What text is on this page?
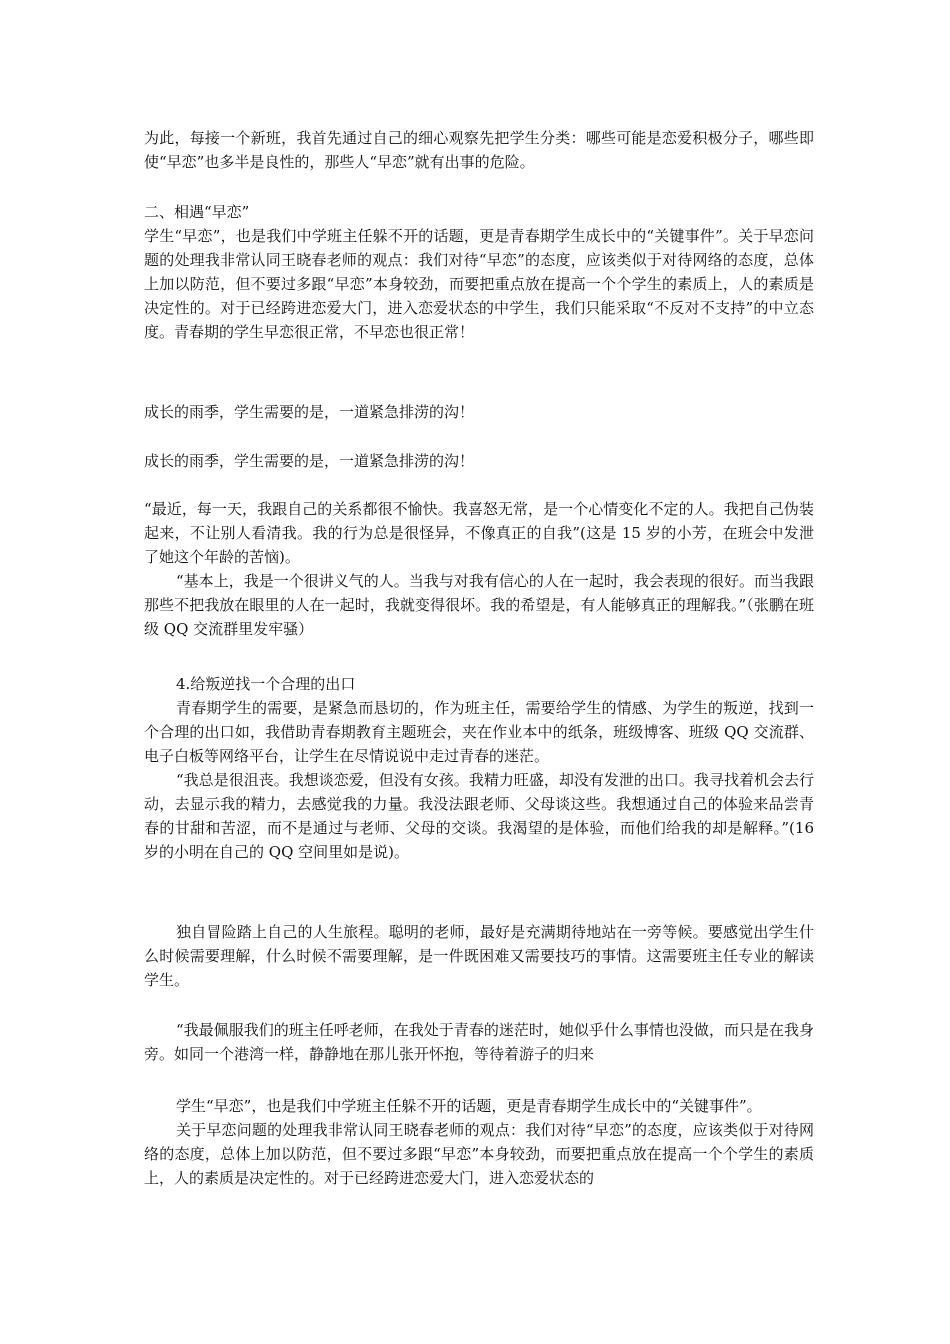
为此，每接一个新班，我首先通过自己的细心观察先把学生分类：哪些可能是恋爱积极分子，哪些即使“早恋”也多半是良性的，那些人“早恋”就有出事的危险。

二、相遇“早恋”

学生“早恋”，也是我们中学班主任躲不开的话题，更是青春期学生成长中的“关键事件”。关于早恋问题的处理我非常认同王晓春老师的观点：我们对待“早恋”的态度，应该类似于对待网络的态度，总体上加以防范，但不要过多跟“早恋”本身较劲，而要把重点放在提高一个个学生的素质上，人的素质是决定性的。对于已经跨进恋爱大门，进入恋爱状态的中学生，我们只能采取“不反对不支持”的中立态度。青春期的学生早恋很正常，不早恋也很正常！

成长的雨季，学生需要的是，一道紧急排涝的沟！

成长的雨季，学生需要的是，一道紧急排涝的沟！

“最近，每一天，我跟自己的关系都很不愉快。我喜怒无常，是一个心情变化不定的人。我把自己伪装起来，不让别人看清我。我的行为总是很怪异，不像真正的自我”(这是 15 岁的小芳，在班会中发泄了她这个年龄的苦恼)。

“基本上，我是一个很讲义气的人。当我与对我有信心的人在一起时，我会表现的很好。而当我跟那些不把我放在眼里的人在一起时，我就变得很坏。我的希望是，有人能够真正的理解我。”（张鹏在班级 QQ 交流群里发牢骚）

4.给叛逆找一个合理的出口

青春期学生的需要，是紧急而恳切的，作为班主任，需要给学生的情感、为学生的叛逆，找到一个合理的出口如，我借助青春期教育主题班会，夹在作业本中的纸条，班级博客、班级 QQ 交流群、电子白板等网络平台，让学生在尽情说说中走过青春的迷茫。

“我总是很沮丧。我想谈恋爱，但没有女孩。我精力旺盛，却没有发泄的出口。我寻找着机会去行动，去显示我的精力，去感觉我的力量。我没法跟老师、父母谈这些。我想通过自己的体验来品尝青春的甘甜和苦涩，而不是通过与老师、父母的交谈。我渴望的是体验，而他们给我的却是解释。”(16 岁的小明在自己的 QQ 空间里如是说)。

独自冒险踏上自己的人生旅程。聪明的老师，最好是充满期待地站在一旁等候。要感觉出学生什么时候需要理解，什么时候不需要理解，是一件既困难又需要技巧的事情。这需要班主任专业的解读学生。

“我最佩服我们的班主任呼老师，在我处于青春的迷茫时，她似乎什么事情也没做，而只是在我身旁。如同一个港湾一样，静静地在那儿张开怀抱，等待着游子的归来

学生“早恋”，也是我们中学班主任躲不开的话题，更是青春期学生成长中的“关键事件”。

关于早恋问题的处理我非常认同王晓春老师的观点：我们对待“早恋”的态度，应该类似于对待网络的态度，总体上加以防范，但不要过多跟“早恋”本身较劲，而要把重点放在提高一个个学生的素质上，人的素质是决定性的。对于已经跨进恋爱大门，进入恋爱状态的
